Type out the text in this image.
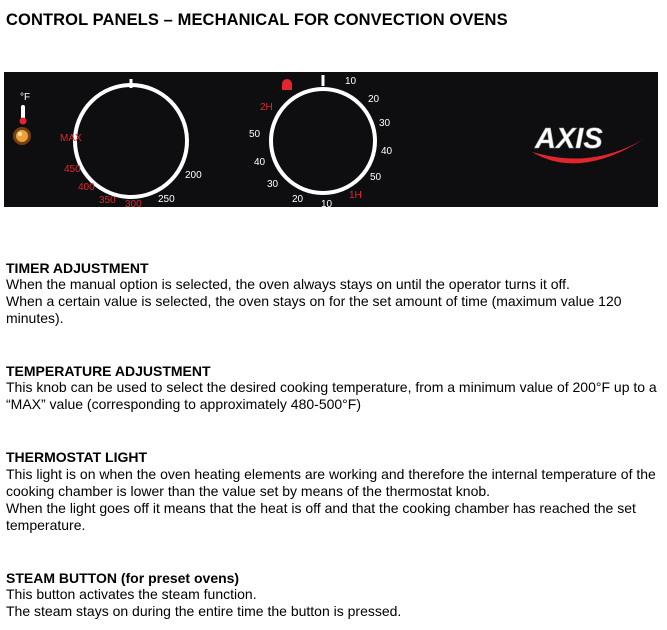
CONTROL PANELS – MECHANICAL FOR CONVECTION OVENS
°F
200
250
MAX
450
400
350 300
10
20
30
40
50
50
40
30
20 10
2H
1H
AXIS
TIMER ADJUSTMENT
When the manual option is selected, the oven always stays on until the operator turns it off.
When a certain value is selected, the oven stays on for the set amount of time (maximum value 120 minutes).
TEMPERATURE ADJUSTMENT
This knob can be used to select the desired cooking temperature, from a minimum value of 200°F up to a “MAX” value (corresponding to approximately 480-500°F)
THERMOSTAT LIGHT
This light is on when the oven heating elements are working and therefore the internal temperature of the cooking chamber is lower than the value set by means of the thermostat knob.
When the light goes off it means that the heat is off and that the cooking chamber has reached the set temperature.
STEAM BUTTON (for preset ovens)
This button activates the steam function.
The steam stays on during the entire time the button is pressed.
